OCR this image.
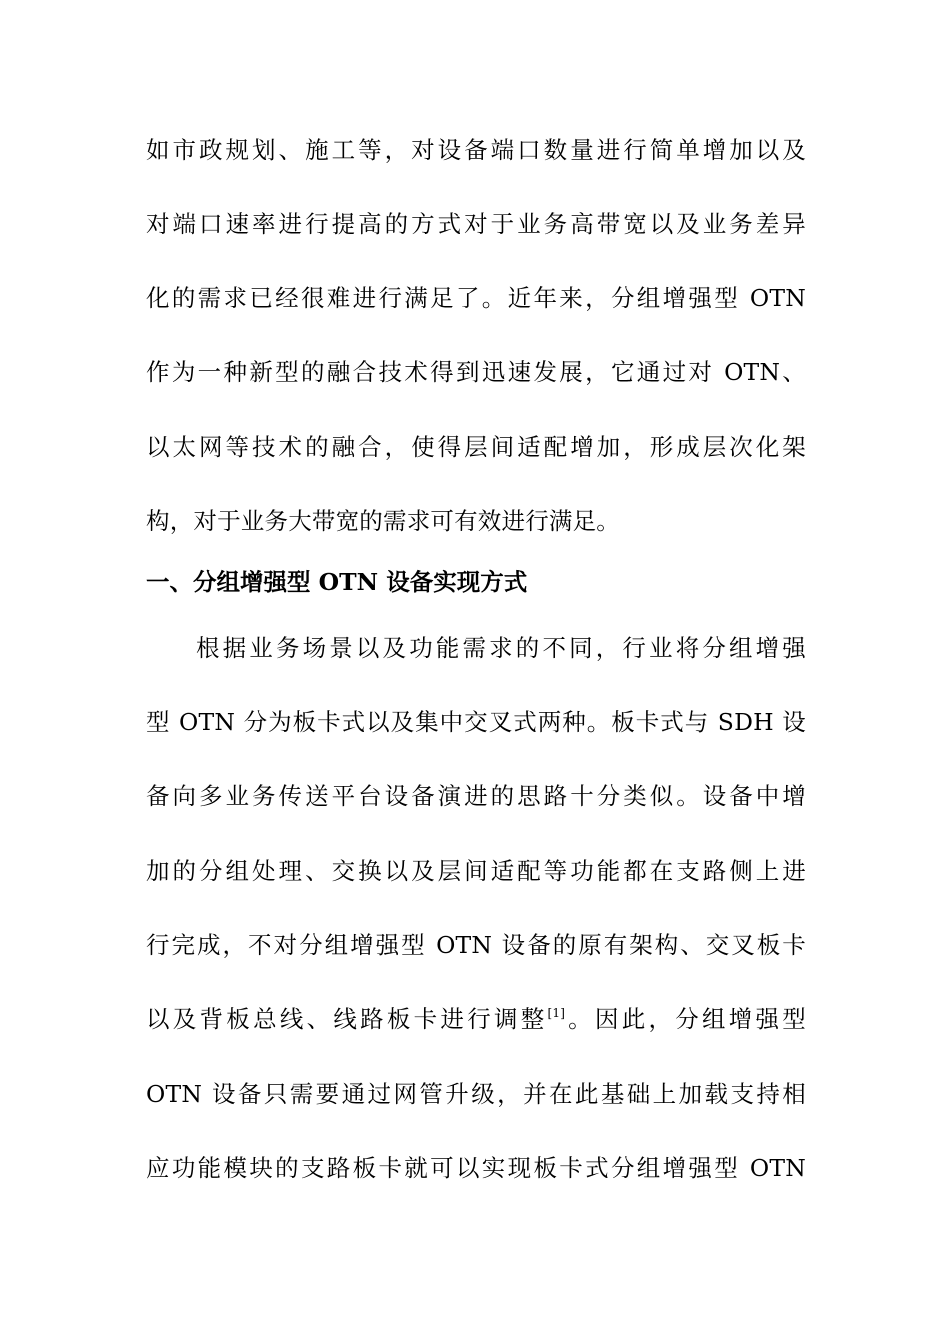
如市政规划、施工等，对设备端口数量进行简单增加以及
对端口速率进行提高的方式对于业务高带宽以及业务差异
化的需求已经很难进行满足了。近年来，分组增强型 OTN
作为一种新型的融合技术得到迅速发展，它通过对 OTN、
以太网等技术的融合，使得层间适配增加，形成层次化架
构，对于业务大带宽的需求可有效进行满足。
一、分组增强型 OTN 设备实现方式
根据业务场景以及功能需求的不同，行业将分组增强
型 OTN 分为板卡式以及集中交叉式两种。板卡式与 SDH 设
备向多业务传送平台设备演进的思路十分类似。设备中增
加的分组处理、交换以及层间适配等功能都在支路侧上进
行完成，不对分组增强型 OTN 设备的原有架构、交叉板卡
以及背板总线、线路板卡进行调整[1]。因此，分组增强型
OTN 设备只需要通过网管升级，并在此基础上加载支持相
应功能模块的支路板卡就可以实现板卡式分组增强型 OTN
